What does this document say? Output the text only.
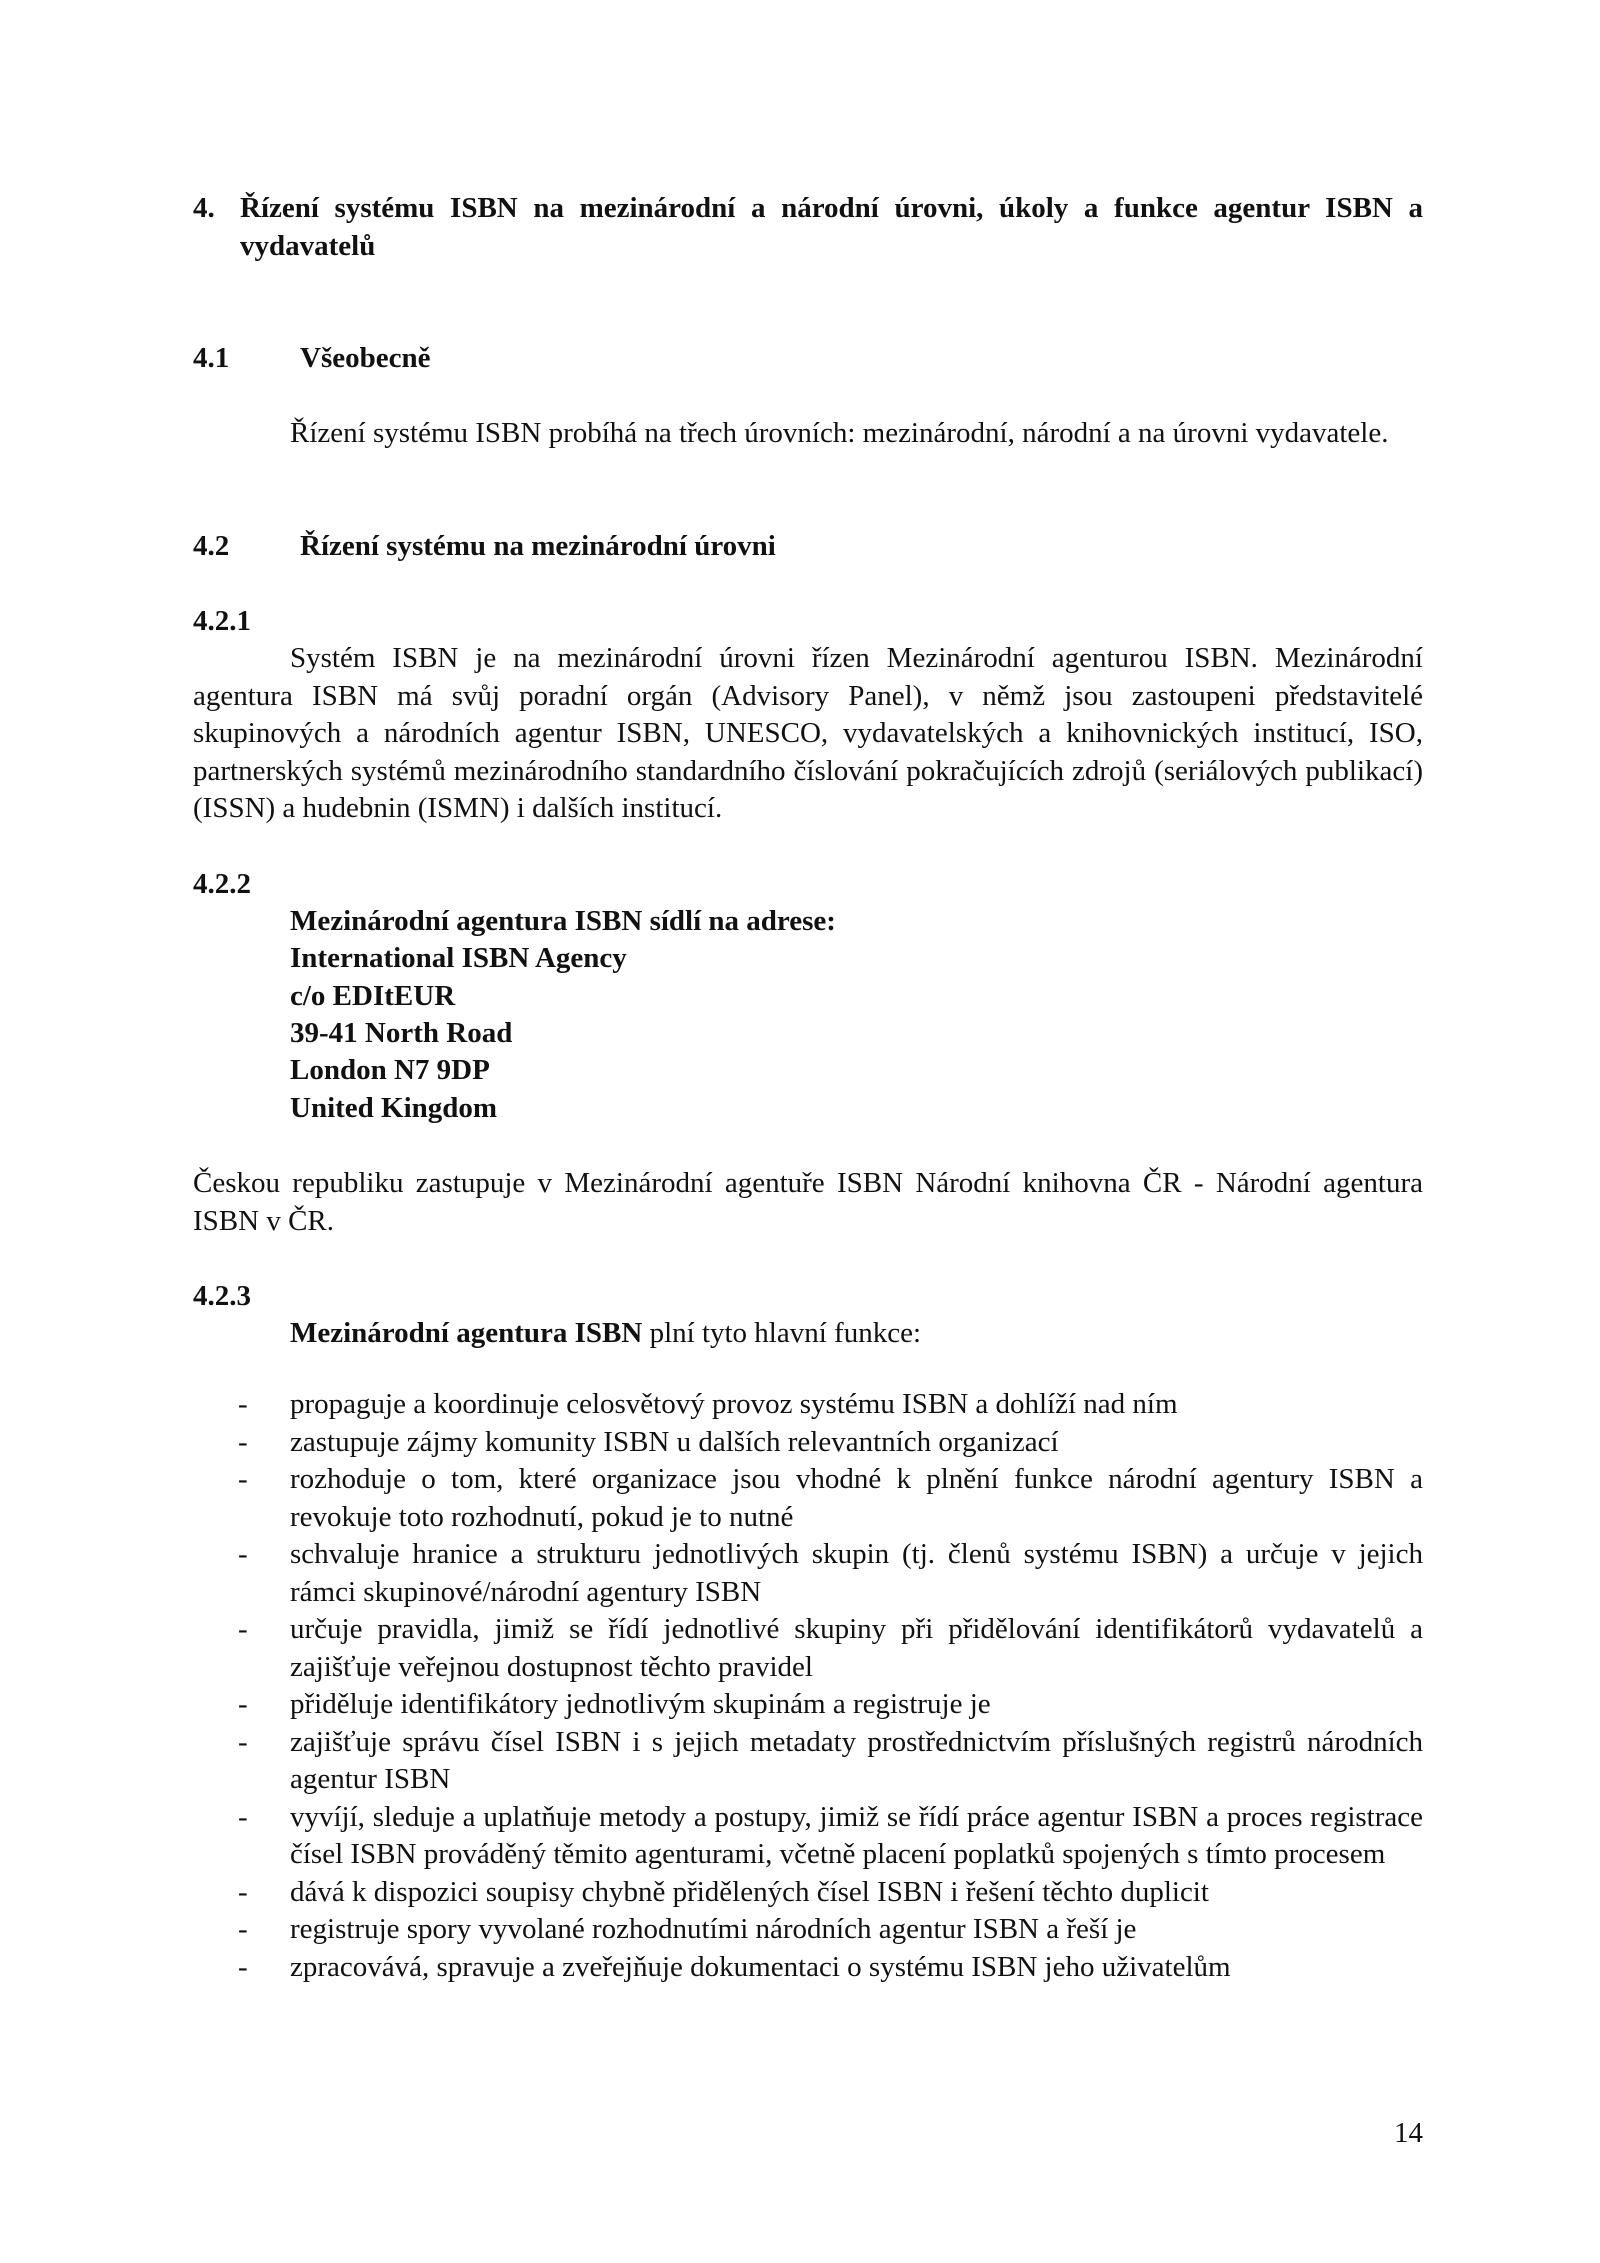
4. Řízení systému ISBN na mezinárodní a národní úrovni, úkoly a funkce agentur ISBN a vydavatelů
4.1 Všeobecně
Řízení systému ISBN probíhá na třech úrovních: mezinárodní, národní a na úrovni vydavatele.
4.2 Řízení systému na mezinárodní úrovni
4.2.1
Systém ISBN je na mezinárodní úrovni řízen Mezinárodní agenturou ISBN. Mezinárodní agentura ISBN má svůj poradní orgán (Advisory Panel), v němž jsou zastoupeni představitelé skupinových a národních agentur ISBN, UNESCO, vydavatelských a knihovnických institucí, ISO, partnerských systémů mezinárodního standardního číslování pokračujících zdrojů (seriálových publikací) (ISSN) a hudebnin (ISMN) i dalších institucí.
4.2.2
Mezinárodní agentura ISBN sídlí na adrese:
International ISBN Agency
c/o EDItEUR
39-41 North Road
London N7 9DP
United Kingdom
Českou republiku zastupuje v Mezinárodní agentuře ISBN Národní knihovna ČR - Národní agentura ISBN v ČR.
4.2.3
Mezinárodní agentura ISBN plní tyto hlavní funkce:
- propaguje a koordinuje celosvětový provoz systému ISBN a dohlíží nad ním
- zastupuje zájmy komunity ISBN u dalších relevantních organizací
- rozhoduje o tom, které organizace jsou vhodné k plnění funkce národní agentury ISBN a revokuje toto rozhodnutí, pokud je to nutné
- schvaluje hranice a strukturu jednotlivých skupin (tj. členů systému ISBN) a určuje v jejich rámci skupinové/národní agentury ISBN
- určuje pravidla, jimiž se řídí jednotlivé skupiny při přidělování identifikátorů vydavatelů a zajišťuje veřejnou dostupnost těchto pravidel
- přiděluje identifikátory jednotlivým skupinám a registruje je
- zajišťuje správu čísel ISBN i s jejich metadaty prostřednictvím příslušných registrů národních agentur ISBN
- vyvíjí, sleduje a uplatňuje metody a postupy, jimiž se řídí práce agentur ISBN a proces registrace čísel ISBN prováděný těmito agenturami, včetně placení poplatků spojených s tímto procesem
- dává k dispozici soupisy chybně přidělených čísel ISBN i řešení těchto duplicit
- registruje spory vyvolané rozhodnutími národních agentur ISBN a řeší je
- zpracovává, spravuje a zveřejňuje dokumentaci o systému ISBN jeho uživatelům
14
